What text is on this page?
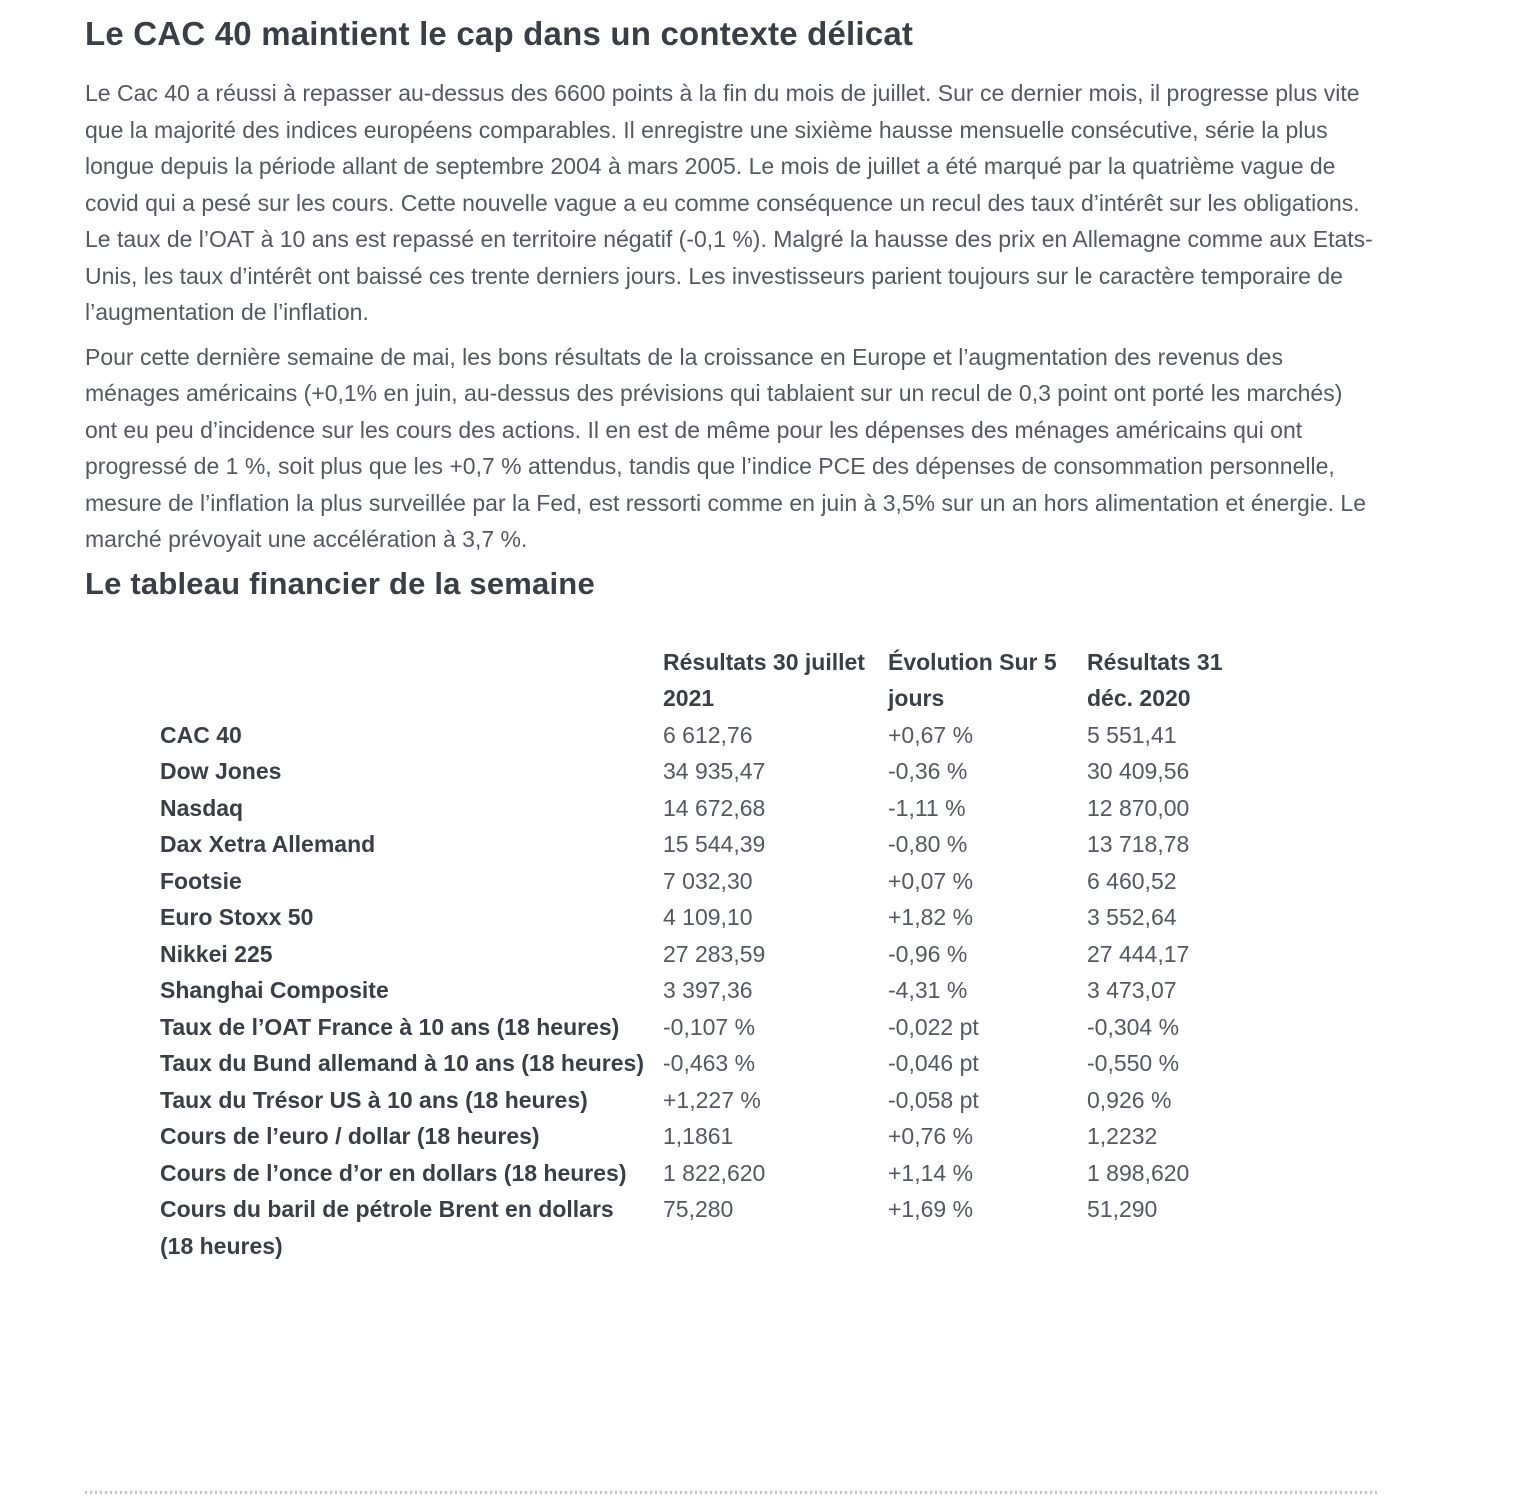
Le CAC 40 maintient le cap dans un contexte délicat

Le Cac 40 a réussi à repasser au-dessus des 6600 points à la fin du mois de juillet. Sur ce dernier mois, il progresse plus vite que la majorité des indices européens comparables. Il enregistre une sixième hausse mensuelle consécutive, série la plus longue depuis la période allant de septembre 2004 à mars 2005. Le mois de juillet a été marqué par la quatrième vague de covid qui a pesé sur les cours. Cette nouvelle vague a eu comme conséquence un recul des taux d’intérêt sur les obligations. Le taux de l’OAT à 10 ans est repassé en territoire négatif (-0,1 %). Malgré la hausse des prix en Allemagne comme aux Etats-Unis, les taux d’intérêt ont baissé ces trente derniers jours. Les investisseurs parient toujours sur le caractère temporaire de l’augmentation de l’inflation.

Pour cette dernière semaine de mai, les bons résultats de la croissance en Europe et l’augmentation des revenus des ménages américains (+0,1% en juin, au-dessus des prévisions qui tablaient sur un recul de 0,3 point ont porté les marchés) ont eu peu d’incidence sur les cours des actions. Il en est de même pour les dépenses des ménages américains qui ont progressé de 1 %, soit plus que les +0,7 % attendus, tandis que l’indice PCE des dépenses de consommation personnelle, mesure de l’inflation la plus surveillée par la Fed, est ressorti comme en juin à 3,5% sur un an hors alimentation et énergie. Le marché prévoyait une accélération à 3,7 %.

Le tableau financier de la semaine
	Résultats 30 juillet 2021	Évolution Sur 5 jours	Résultats 31 déc. 2020
CAC 40	6 612,76	+0,67 %	5 551,41
Dow Jones	34 935,47	-0,36 %	30 409,56
Nasdaq	14 672,68	-1,11 %	12 870,00
Dax Xetra Allemand	15 544,39	-0,80 %	13 718,78
Footsie	7 032,30	+0,07 %	6 460,52
Euro Stoxx 50	4 109,10	+1,82 %	3 552,64
Nikkei 225	27 283,59	-0,96 %	27 444,17
Shanghai Composite	3 397,36	-4,31 %	3 473,07
Taux de l’OAT France à 10 ans (18 heures)	-0,107 %	-0,022 pt	-0,304 %
Taux du Bund allemand à 10 ans (18 heures)	-0,463 %	-0,046 pt	-0,550 %
Taux du Trésor US à 10 ans (18 heures)	+1,227 %	-0,058 pt	0,926 %
Cours de l’euro / dollar (18 heures)	1,1861	+0,76 %	1,2232
Cours de l’once d’or en dollars (18 heures)	1 822,620	+1,14 %	1 898,620
Cours du baril de pétrole Brent en dollars (18 heures)	75,280	+1,69 %	51,290
